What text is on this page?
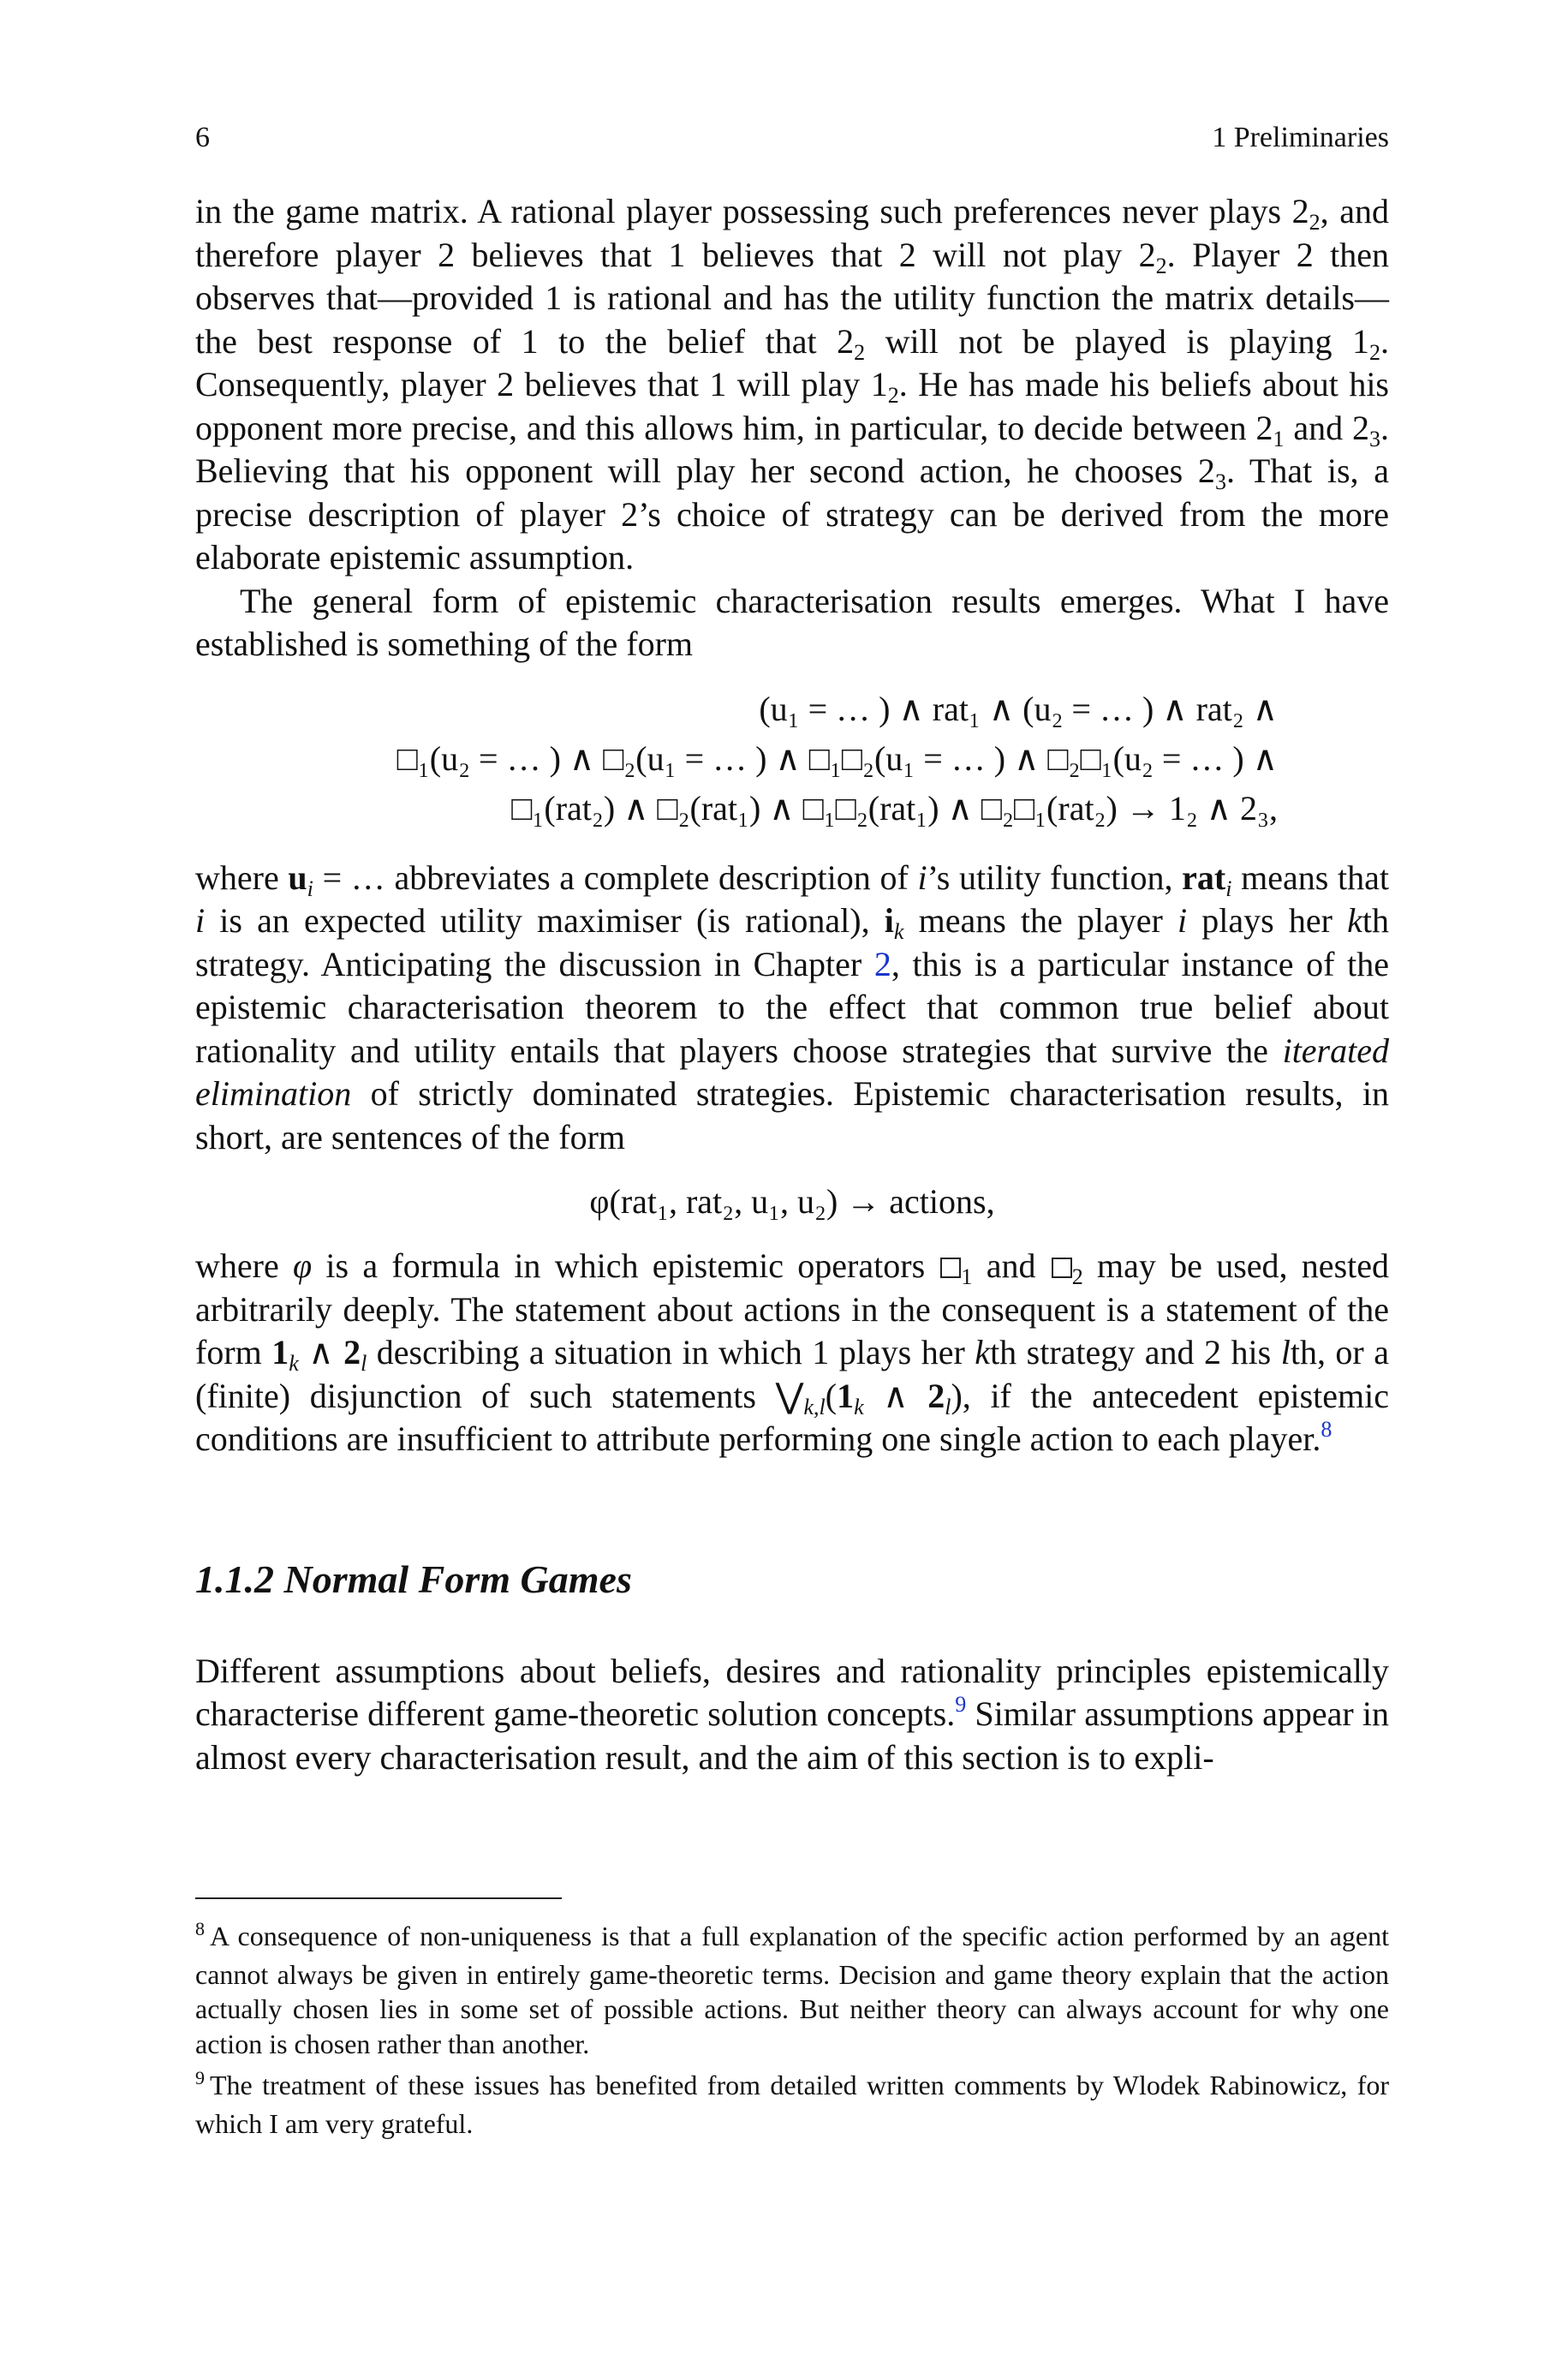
6	1 Preliminaries

in the game matrix. A rational player possessing such preferences never plays $2_2$, and therefore player 2 believes that 1 believes that 2 will not play $2_2$. Player 2 then observes that—provided 1 is rational and has the utility function the matrix details—the best response of 1 to the belief that $2_2$ will not be played is playing $1_2$. Consequently, player 2 believes that 1 will play $1_2$. He has made his beliefs about his opponent more precise, and this allows him, in particular, to decide between $2_1$ and $2_3$. Believing that his opponent will play her second action, he chooses $2_3$. That is, a precise description of player 2’s choice of strategy can be derived from the more elaborate epistemic assumption.

The general form of epistemic characterisation results emerges. What I have established is something of the form

(u₁ = … ) ∧ rat₁ ∧ (u₂ = … ) ∧ rat₂ ∧
□₁(u₂ = … ) ∧ □₂(u₁ = … ) ∧ □₁□₂(u₁ = … ) ∧ □₂□₁(u₂ = … ) ∧
□₁(rat₂) ∧ □₂(rat₁) ∧ □₁□₂(rat₁) ∧ □₂□₁(rat₂) → 1₂ ∧ 2₃,

where $u_i$ = … abbreviates a complete description of i’s utility function, rat$_i$ means that i is an expected utility maximiser (is rational), $i_k$ means the player i plays her kth strategy. Anticipating the discussion in Chapter 2, this is a particular instance of the epistemic characterisation theorem to the effect that common true belief about rationality and utility entails that players choose strategies that survive the iterated elimination of strictly dominated strategies. Epistemic characterisation results, in short, are sentences of the form

φ(rat₁, rat₂, u₁, u₂) → actions,

where φ is a formula in which epistemic operators $_1$ and $_2$ may be used, nested arbitrarily deeply. The statement about actions in the consequent is a statement of the form $1_k$ ∧ $2_l$ describing a situation in which 1 plays her kth strategy and 2 his lth, or a (finite) disjunction of such statements $⋁_{k,l}(1_k$ ∧ $2_l$), if the antecedent epistemic conditions are insufficient to attribute performing one single action to each player.$^8$

1.1.2 Normal Form Games

Different assumptions about beliefs, desires and rationality principles epistemically characterise different game-theoretic solution concepts.$^9$ Similar assumptions appear in almost every characterisation result, and the aim of this section is to expli-

$^8$ A consequence of non-uniqueness is that a full explanation of the specific action performed by an agent cannot always be given in entirely game-theoretic terms. Decision and game theory explain that the action actually chosen lies in some set of possible actions. But neither theory can always account for why one action is chosen rather than another.

$^9$ The treatment of these issues has benefited from detailed written comments by Wlodek Rabinowicz, for which I am very grateful.
